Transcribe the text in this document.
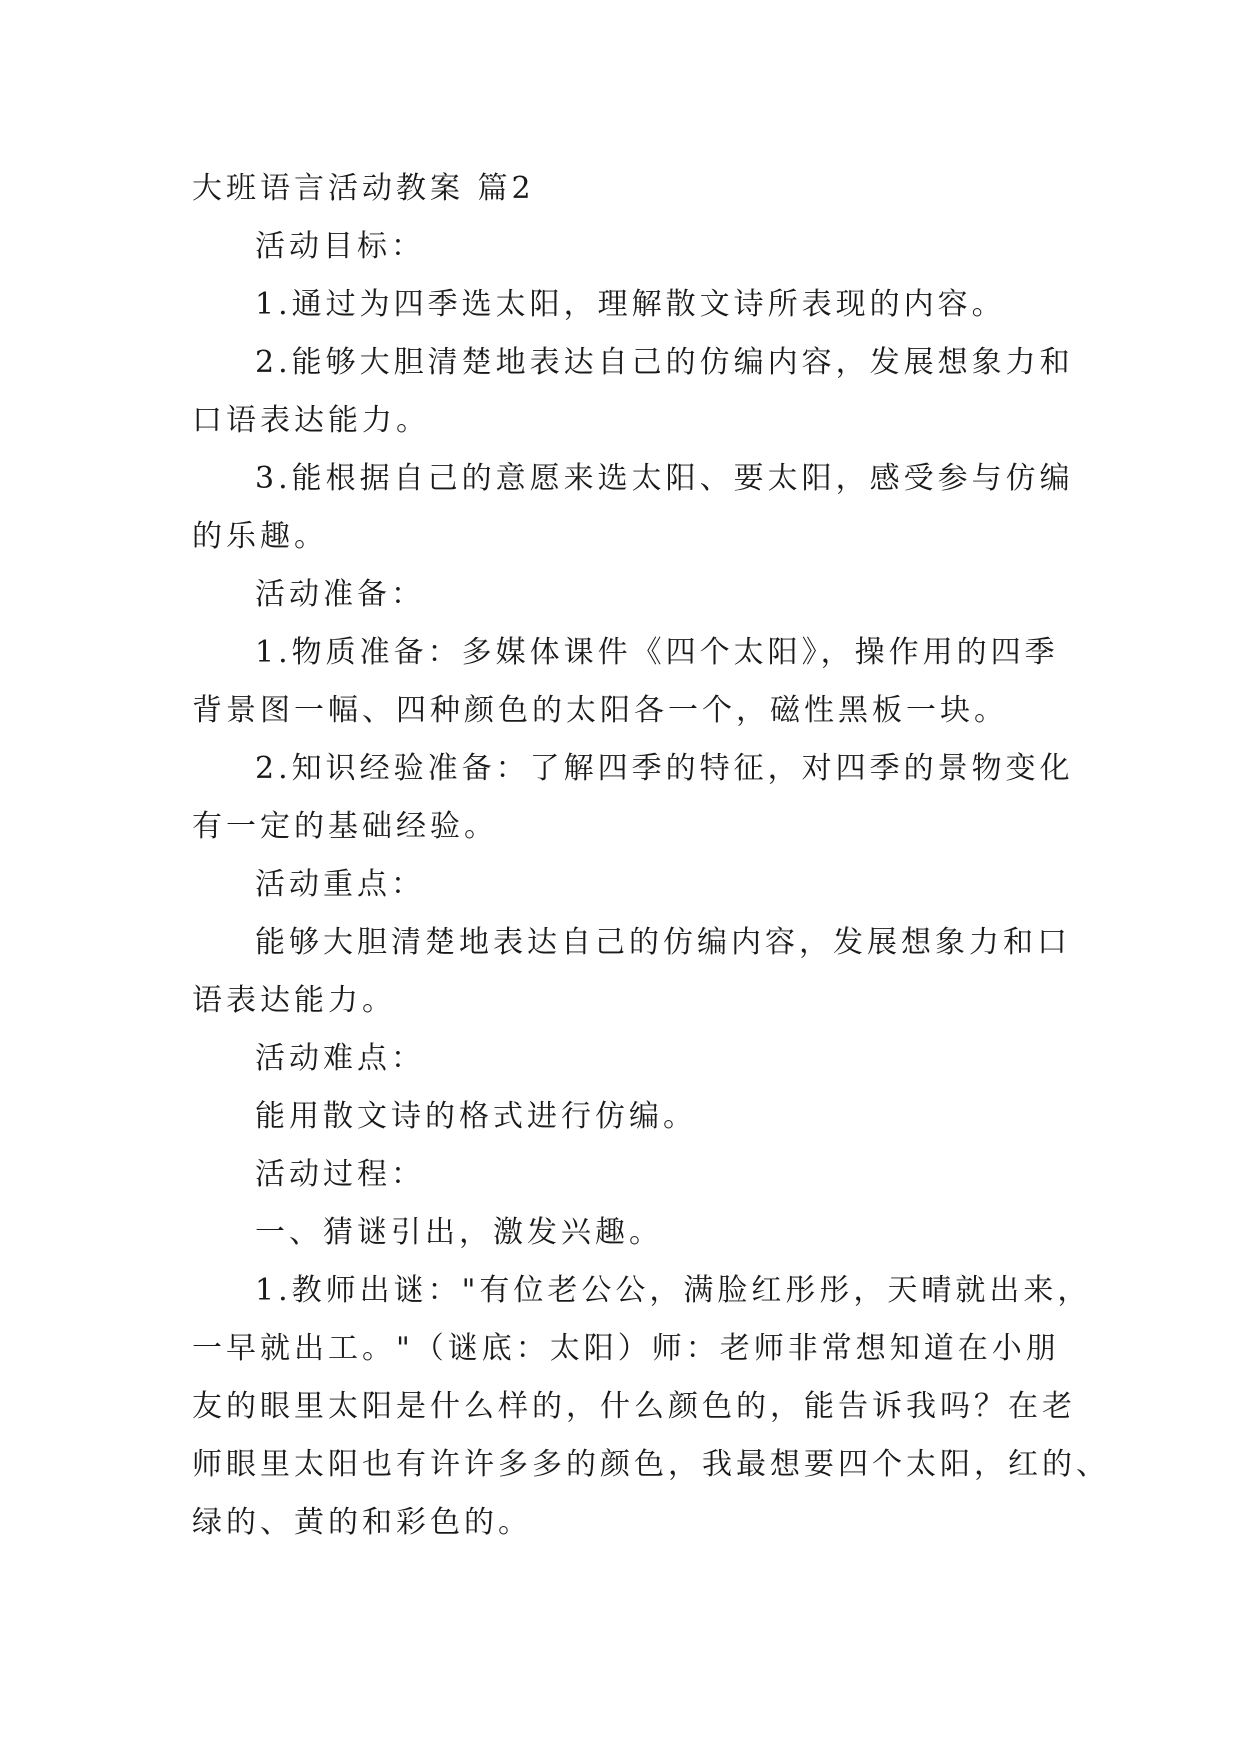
大班语言活动教案 篇2
活动目标：
1.通过为四季选太阳，理解散文诗所表现的内容。
2.能够大胆清楚地表达自己的仿编内容，发展想象力和
口语表达能力。
3.能根据自己的意愿来选太阳、要太阳，感受参与仿编
的乐趣。
活动准备：
1.物质准备：多媒体课件《四个太阳》，操作用的四季
背景图一幅、四种颜色的太阳各一个，磁性黑板一块。
2.知识经验准备：了解四季的特征，对四季的景物变化
有一定的基础经验。
活动重点：
能够大胆清楚地表达自己的仿编内容，发展想象力和口
语表达能力。
活动难点：
能用散文诗的格式进行仿编。
活动过程：
一、猜谜引出，激发兴趣。
1.教师出谜："有位老公公，满脸红彤彤，天晴就出来，
一早就出工。"（谜底：太阳）师：老师非常想知道在小朋
友的眼里太阳是什么样的，什么颜色的，能告诉我吗？在老
师眼里太阳也有许许多多的颜色，我最想要四个太阳，红的、
绿的、黄的和彩色的。
